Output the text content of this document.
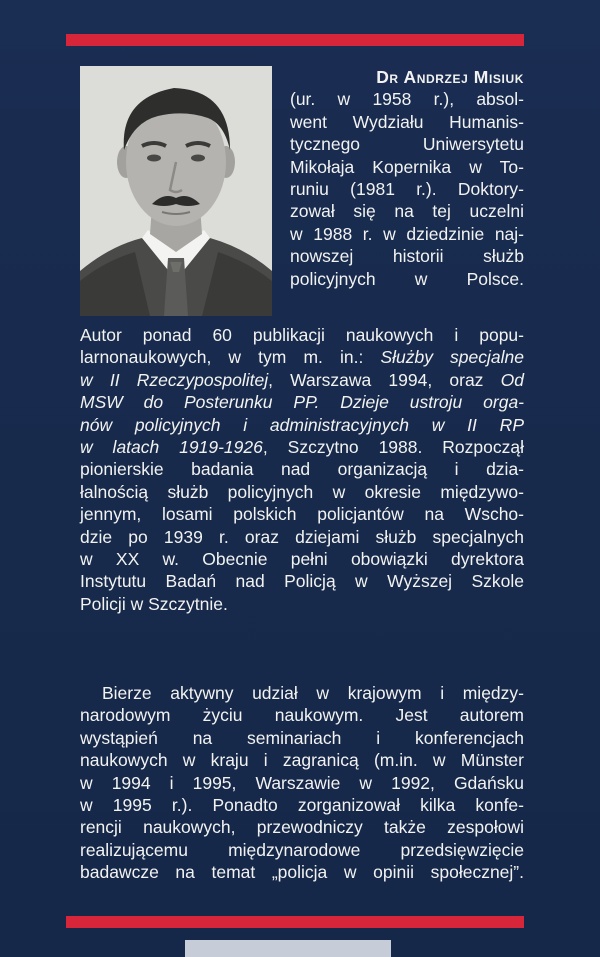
Dr Andrzej Misiuk
(ur. w 1958 r.), absol-
went Wydziału Humanis-
tycznego Uniwersytetu
Mikołaja Kopernika w To-
runiu (1981 r.). Doktory-
zował się na tej uczelni
w 1988 r. w dziedzinie naj-
nowszej historii służb
policyjnych w Polsce.
Autor ponad 60 publikacji naukowych i popu-
larnonaukowych, w tym m. in.: Służby specjalne
w II Rzeczypospolitej, Warszawa 1994, oraz Od
MSW do Posterunku PP. Dzieje ustroju orga-
nów policyjnych i administracyjnych w II RP
w latach 1919-1926, Szczytno 1988. Rozpoczął
pionierskie badania nad organizacją i dzia-
łalnością służb policyjnych w okresie międzywo-
jennym, losami polskich policjantów na Wscho-
dzie po 1939 r. oraz dziejami służb specjalnych
w XX w. Obecnie pełni obowiązki dyrektora
Instytutu Badań nad Policją w Wyższej Szkole
Policji w Szczytnie.
Bierze aktywny udział w krajowym i między-
narodowym życiu naukowym. Jest autorem
wystąpień na seminariach i konferencjach
naukowych w kraju i zagranicą (m.in. w Münster
w 1994 i 1995, Warszawie w 1992, Gdańsku
w 1995 r.). Ponadto zorganizował kilka konfe-
rencji naukowych, przewodniczy także zespołowi
realizującemu międzynarodowe przedsięwzięcie
badawcze na temat „policja w opinii społecznej”.
